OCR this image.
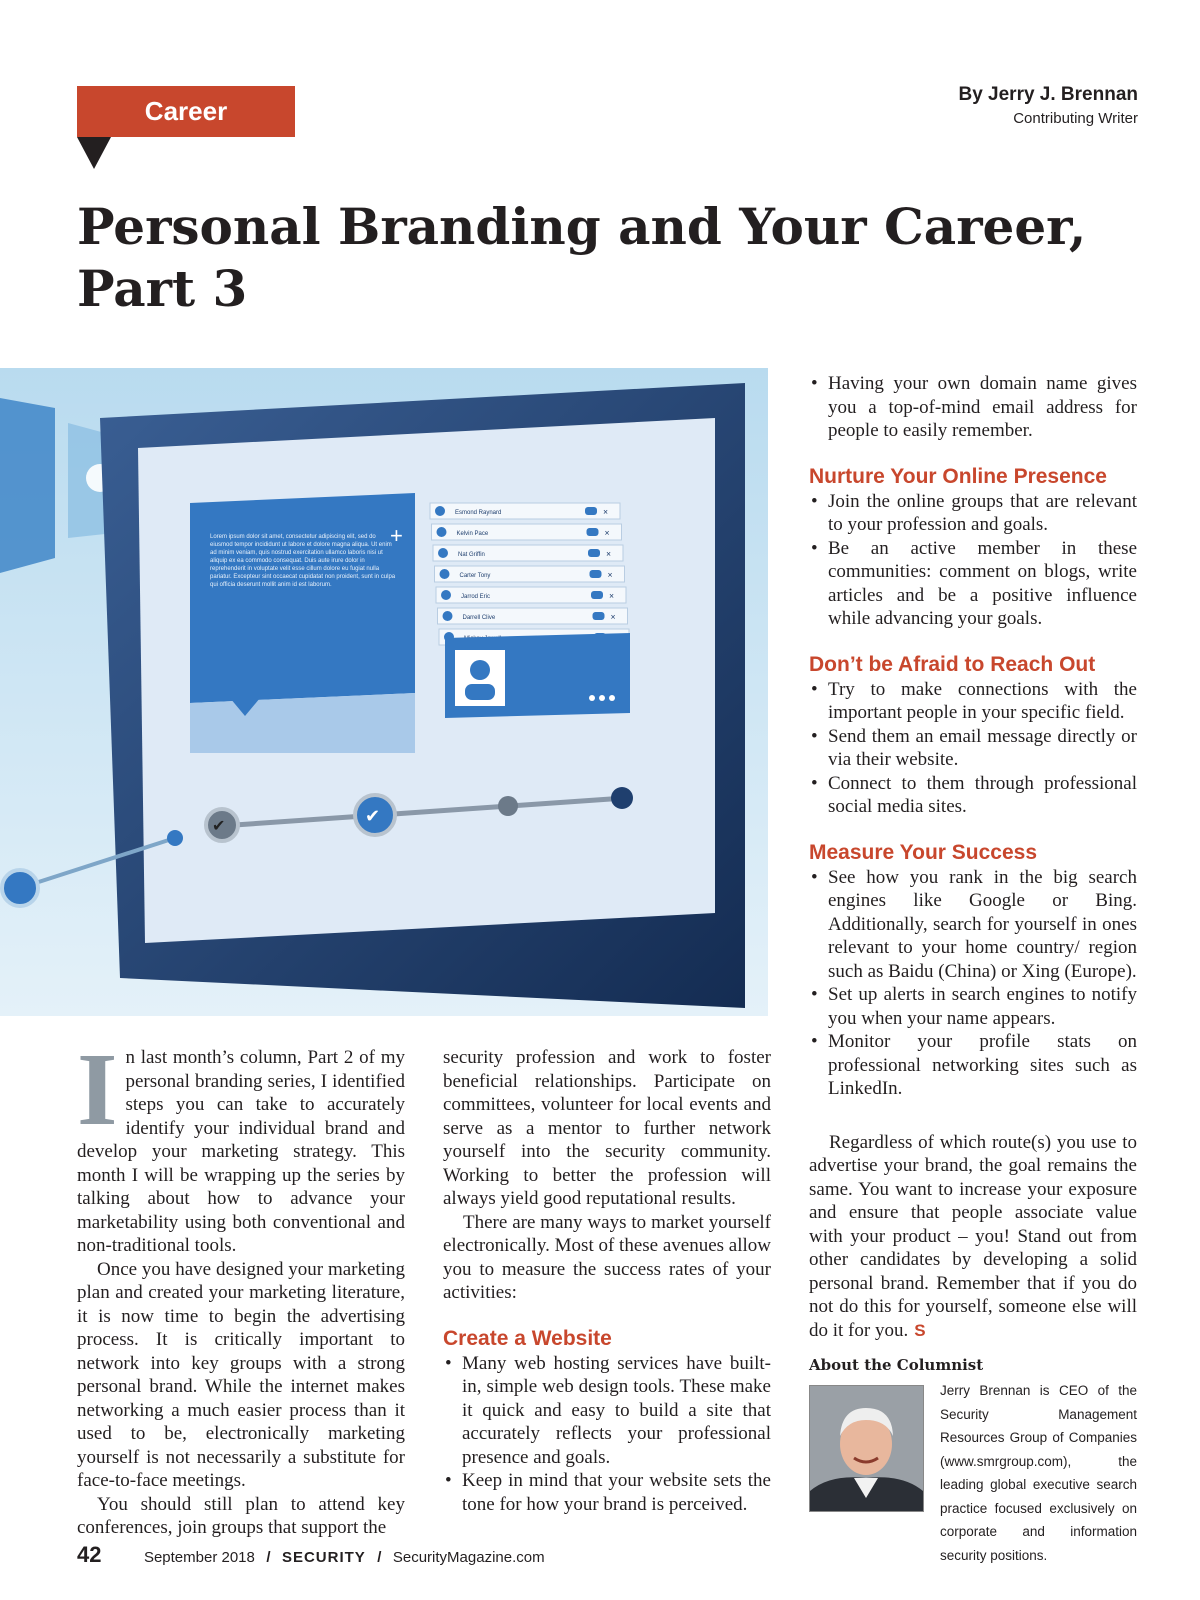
Career Intelligence
By Jerry J. Brennan
Contributing Writer
Personal Branding and Your Career,
Part 3
Lorem ipsum dolor sit amet, consectetur adipiscing elit, sed do eiusmod tempor incididunt ut labore et dolore magna aliqua. Ut enim ad minim veniam, quis nostrud exercitation ullamco laboris nisi ut aliquip ex ea commodo consequat. Duis aute irure dolor in reprehenderit in voluptate velit esse cillum dolore eu fugiat nulla pariatur. Excepteur sint occaecat cupidatat non proident, sunt in culpa qui officia deserunt mollit anim id est laborum.
+
Esmond Raynard	×
Kelvin Pace	×
Nat Griffin	×
Carter Tony	×
Jarrod Eric	×
Darrell Clive	×
✔
✔
I n last month’s column, Part 2 of my personal branding series, I identified steps you can take to accurately identify your individual brand and develop your marketing strategy. This month I will be wrapping up the series by talking about how to advance your marketability using both conventional and non-traditional tools.

Once you have designed your marketing plan and created your marketing literature, it is now time to begin the advertising process. It is critically important to network into key groups with a strong personal brand. While the internet makes networking a much easier process than it used to be, electronically marketing yourself is not necessarily a substitute for face-to-face meetings.

You should still plan to attend key conferences, join groups that support the

security profession and work to foster beneficial relationships. Participate on committees, volunteer for local events and serve as a mentor to further network yourself into the security community. Working to better the profession will always yield good reputational results.

There are many ways to market yourself electronically. Most of these avenues allow you to measure the success rates of your activities:

Create a Website
• Many web hosting services have built-in, simple web design tools. These make it quick and easy to build a site that accurately reflects your professional presence and goals.
• Keep in mind that your website sets the tone for how your brand is perceived.
• Having your own domain name gives you a top-of-mind email address for people to easily remember.
Nurture Your Online Presence
• Join the online groups that are relevant to your profession and goals.
• Be an active member in these communities: comment on blogs, write articles and be a positive influence while advancing your goals.
Don’t be Afraid to Reach Out
• Try to make connections with the important people in your specific field.
• Send them an email message directly or via their website.
• Connect to them through professional social media sites.
Measure Your Success
• See how you rank in the big search engines like Google or Bing. Additionally, search for yourself in ones relevant to your home country/ region such as Baidu (China) or Xing (Europe).
• Set up alerts in search engines to notify you when your name appears.
• Monitor your profile stats on professional networking sites such as LinkedIn.

Regardless of which route(s) you use to advertise your brand, the goal remains the same. You want to increase your exposure and ensure that people associate value with your product – you! Stand out from other candidates by developing a solid personal brand. Remember that if you do not do this for yourself, someone else will do it for you. S

About the Columnist
Jerry Brennan is CEO of the Security Management Resources Group of Companies (www.smrgroup.com), the leading global executive search practice focused exclusively on corporate and information security positions.
42	September 2018 / SECURITY / SecurityMagazine.com
